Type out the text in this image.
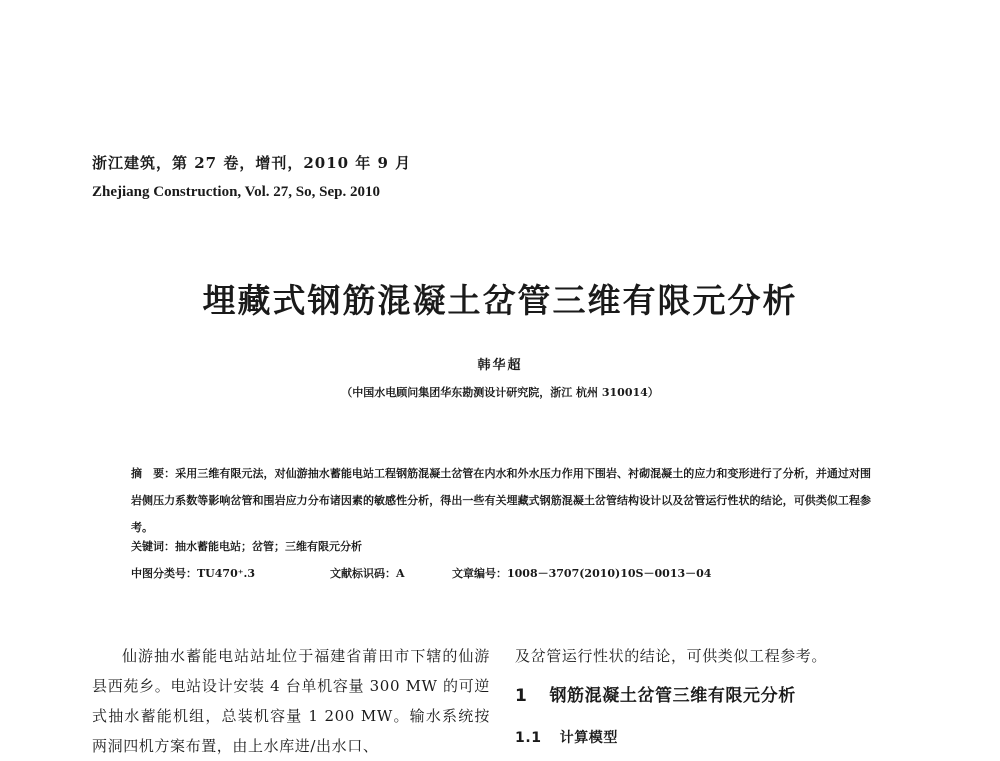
浙江建筑，第 27 卷，增刊，2010 年 9 月
Zhejiang Construction, Vol. 27, So, Sep. 2010
埋藏式钢筋混凝土岔管三维有限元分析
韩华超
（中国水电顾问集团华东勘测设计研究院，浙江 杭州 310014）

摘　要：采用三维有限元法，对仙游抽水蓄能电站工程钢筋混凝土岔管在内水和外水压力作用下围岩、衬砌混凝土的应力和变形进行了分析，并通过对围岩侧压力系数等影响岔管和围岩应力分布诸因素的敏感性分析，得出一些有关埋藏式钢筋混凝土岔管结构设计以及岔管运行性状的结论，可供类似工程参考。

关键词：抽水蓄能电站；岔管；三维有限元分析
中图分类号：TU470⁺.3	文献标识码：A	文章编号：1008－3707(2010)10S－0013－04

仙游抽水蓄能电站站址位于福建省莆田市下辖的仙游县西苑乡。电站设计安装 4 台单机容量 300 MW 的可逆式抽水蓄能机组，总装机容量 1 200 MW。输水系统按两洞四机方案布置，由上水库进/出水口、

及岔管运行性状的结论，可供类似工程参考。
1 钢筋混凝土岔管三维有限元分析
1.1 计算模型
